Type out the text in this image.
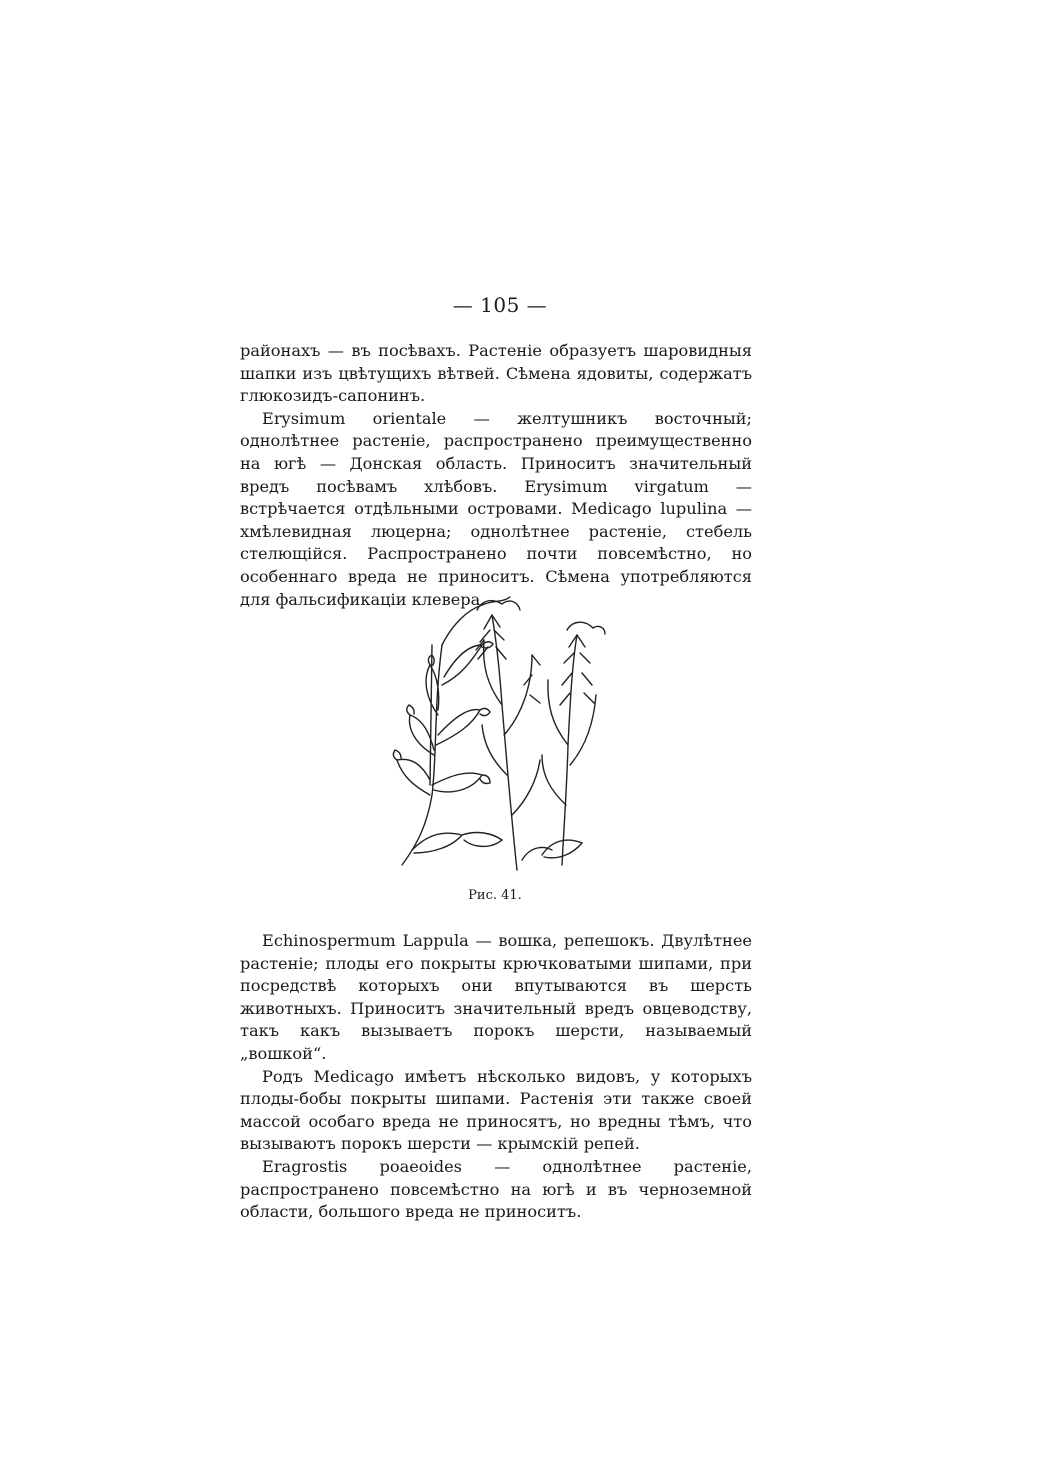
— 105 —

районахъ — въ посѣвахъ. Растеніе образуетъ шаровидныя шапки изъ цвѣтущихъ вѣтвей. Сѣмена ядовиты, содержатъ глюкозидъ-сапонинъ.

Erysimum orientale — желтушникъ восточный; однолѣтнее растеніе, распространено преимущественно на югѣ — Донская область. Приноситъ значительный вредъ посѣвамъ хлѣбовъ. Erysimum virgatum — встрѣчается отдѣльными островами. Medicago lupulina — хмѣлевидная люцерна; однолѣтнее растеніе, стебель стелющійся. Распространено почти повсемѣстно, но особеннаго вреда не приноситъ. Сѣмена употребляются для фальсификаціи клевера.

Рис. 41.

Echinospermum Lappula — вошка, репешокъ. Двулѣтнее растеніе; плоды его покрыты крючковатыми шипами, при посредствѣ которыхъ они впутываются въ шерсть животныхъ. Приноситъ значительный вредъ овцеводству, такъ какъ вызываетъ порокъ шерсти, называемый „вошкой“.

Родъ Medicago имѣетъ нѣсколько видовъ, у которыхъ плоды-бобы покрыты шипами. Растенія эти также своей массой особаго вреда не приносятъ, но вредны тѣмъ, что вызываютъ порокъ шерсти — крымскій репей.

Eragrostis poaeoides — однолѣтнее растеніе, распространено повсемѣстно на югѣ и въ черноземной области, большого вреда не приноситъ.
